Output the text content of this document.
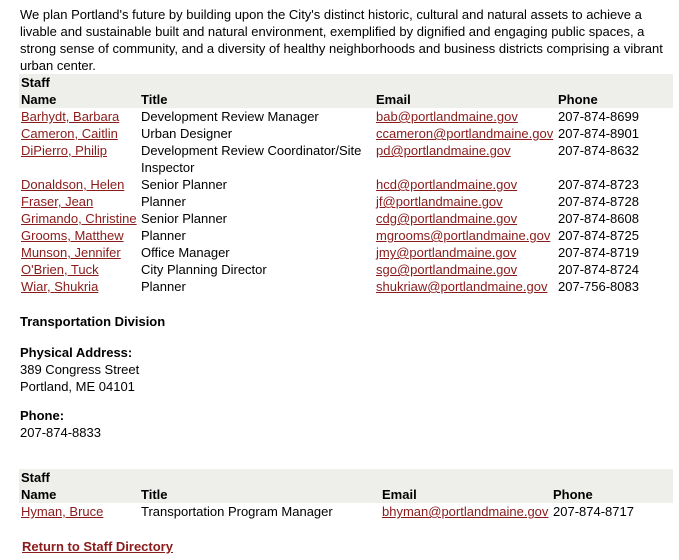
We plan Portland's future by building upon the City's distinct historic, cultural and natural assets to achieve a livable and sustainable built and natural environment, exemplified by dignified and engaging public spaces, a strong sense of community, and a diversity of healthy neighborhoods and business districts comprising a vibrant urban center.

Staff			
Name	Title	Email	Phone
Barhydt, Barbara	Development Review Manager	bab@portlandmaine.gov	207-874-8699
Cameron, Caitlin	Urban Designer	ccameron@portlandmaine.gov	207-874-8901
DiPierro, Philip	Development Review Coordinator/Site Inspector	pd@portlandmaine.gov	207-874-8632
Donaldson, Helen	Senior Planner	hcd@portlandmaine.gov	207-874-8723
Fraser, Jean	Planner	jf@portlandmaine.gov	207-874-8728
Grimando, Christine	Senior Planner	cdg@portlandmaine.gov	207-874-8608
Grooms, Matthew	Planner	mgrooms@portlandmaine.gov	207-874-8725
Munson, Jennifer	Office Manager	jmy@portlandmaine.gov	207-874-8719
O'Brien, Tuck	City Planning Director	sgo@portlandmaine.gov	207-874-8724
Wiar, Shukria	Planner	shukriaw@portlandmaine.gov	207-756-8083
Transportation Division
Physical Address:
389 Congress Street
Portland, ME 04101
Phone:
207-874-8833
Staff			
Name	Title	Email	Phone
Hyman, Bruce	Transportation Program Manager	bhyman@portlandmaine.gov	207-874-8717
Return to Staff Directory
